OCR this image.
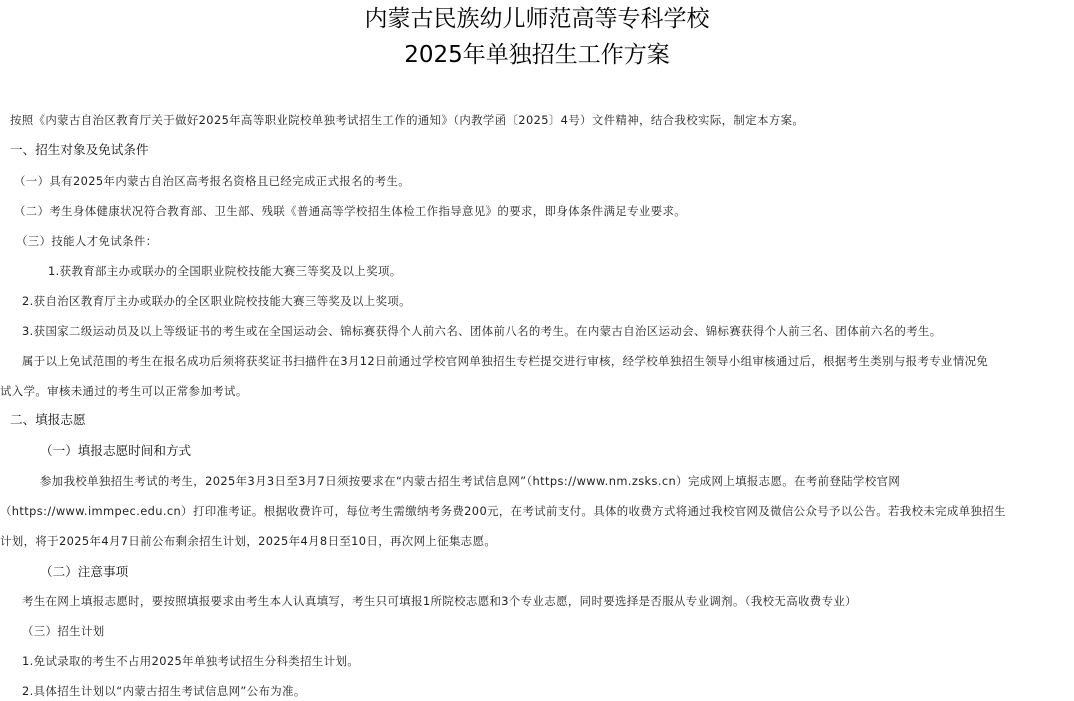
内蒙古民族幼儿师范高等专科学校
2025年单独招生工作方案

按照《内蒙古自治区教育厅关于做好2025年高等职业院校单独考试招生工作的通知》（内教学函〔2025〕4号）文件精神，结合我校实际，制定本方案。

一、招生对象及免试条件

（一）具有2025年内蒙古自治区高考报名资格且已经完成正式报名的考生。

（二）考生身体健康状况符合教育部、卫生部、残联《普通高等学校招生体检工作指导意见》的要求，即身体条件满足专业要求。

（三）技能人才免试条件：

1.获教育部主办或联办的全国职业院校技能大赛三等奖及以上奖项。

2.获自治区教育厅主办或联办的全区职业院校技能大赛三等奖及以上奖项。

3.获国家二级运动员及以上等级证书的考生或在全国运动会、锦标赛获得个人前六名、团体前八名的考生。在内蒙古自治区运动会、锦标赛获得个人前三名、团体前六名的考生。

属于以上免试范围的考生在报名成功后须将获奖证书扫描件在3月12日前通过学校官网单独招生专栏提交进行审核，经学校单独招生领导小组审核通过后，根据考生类别与报考专业情况免

试入学。审核未通过的考生可以正常参加考试。

二、填报志愿

（一）填报志愿时间和方式

参加我校单独招生考试的考生，2025年3月3日至3月7日须按要求在“内蒙古招生考试信息网”（https://www.nm.zsks.cn）完成网上填报志愿。在考前登陆学校官网

（https://www.immpec.edu.cn）打印准考证。根据收费许可，每位考生需缴纳考务费200元，在考试前支付。具体的收费方式将通过我校官网及微信公众号予以公告。若我校未完成单独招生

计划，将于2025年4月7日前公布剩余招生计划，2025年4月8日至10日，再次网上征集志愿。

（二）注意事项

考生在网上填报志愿时，要按照填报要求由考生本人认真填写，考生只可填报1所院校志愿和3个专业志愿，同时要选择是否服从专业调剂。（我校无高收费专业）

（三）招生计划

1.免试录取的考生不占用2025年单独考试招生分科类招生计划。

2.具体招生计划以“内蒙古招生考试信息网”公布为准。
